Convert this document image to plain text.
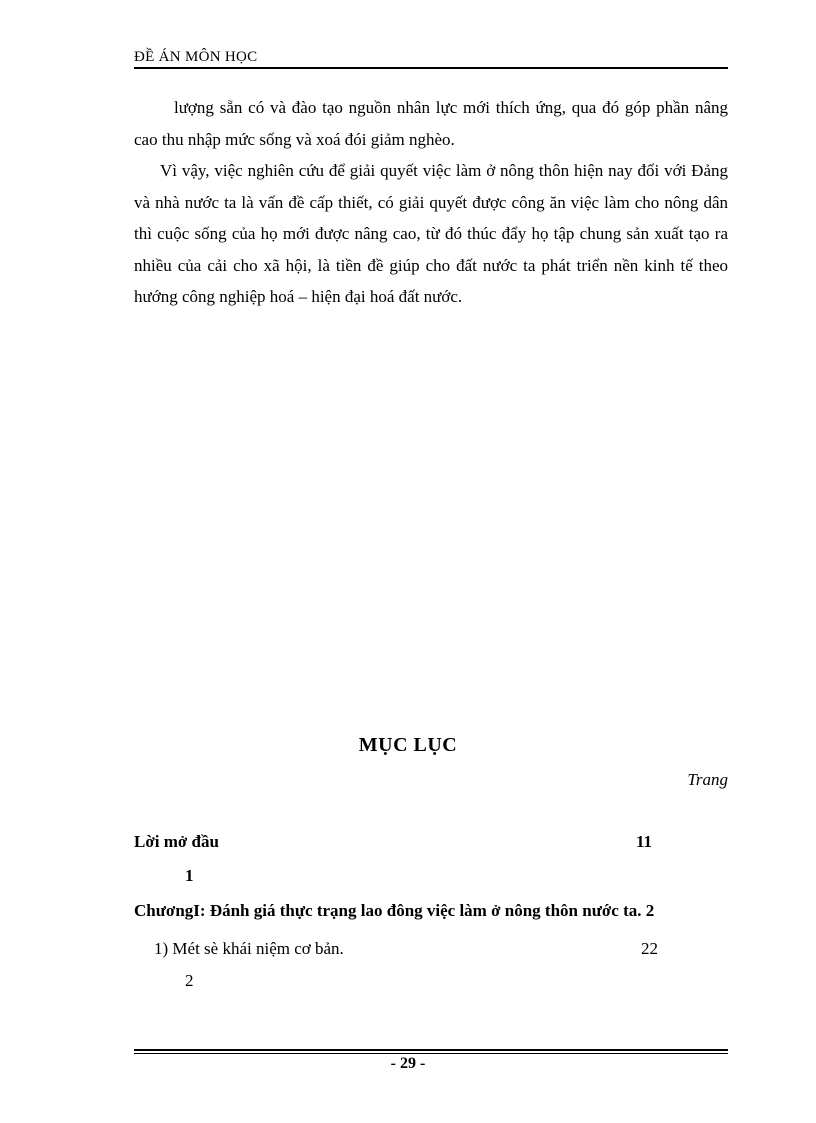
ĐỀ ÁN MÔN HỌC
lượng sẵn có và đào tạo nguồn nhân lực mới thích ứng, qua đó góp phần nâng cao thu nhập mức sống và xoá đói giảm nghèo.
Vì vậy, việc nghiên cứu để giải quyết việc làm ở nông thôn hiện nay đối với Đảng và nhà nước ta là vấn đề cấp thiết, có giải quyết được công ăn việc làm cho nông dân thì cuộc sống của họ mới được nâng cao, từ đó thúc đẩy họ tập chung sản xuất tạo ra nhiều của cải cho xã hội, là tiền đề giúp cho đất nước ta phát triển nền kinh tế theo hướng công nghiệp hoá – hiện đại hoá đất nước.
MỤC LỤC
Trang
Lời mở đầu	11
1
ChươngI: Đánh giá thực trạng lao đông việc làm ở nông thôn nước ta. 2
1) Mét sè khái niệm cơ bản.	22
2
- 29 -
